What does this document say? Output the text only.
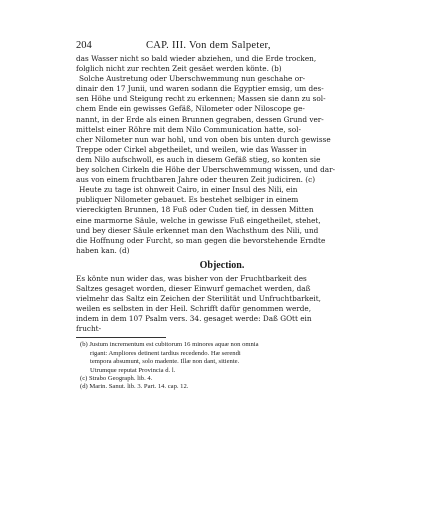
204	CAP. III. Von dem Salpeter,
das Wasser nicht so bald wieder abziehen, und die Erde trocken,
folglich nicht zur rechten Zeit gesäet werden könte. (b)
Solche Austretung oder Uberschwemmung nun geschahe or-
dinair den 17 Junii, und waren sodann die Egyptier emsig, um des-
sen Höhe und Steigung recht zu erkennen; Massen sie dann zu sol-
chem Ende ein gewisses Gefäß, Nilometer oder Niloscope ge-
nannt, in der Erde als einen Brunnen gegraben, dessen Grund ver-
mittelst einer Röhre mit dem Nilo Communication hatte, sol-
cher Nilometer nun war hohl, und von oben bis unten durch gewisse
Treppe oder Cirkel abgetheilet, und weilen, wie das Wasser in
dem Nilo aufschwoll, es auch in diesem Gefäß stieg, so konten sie
bey solchen Cirkeln die Höhe der Uberschwemmung wissen, und dar-
aus von einem fruchtbaren Jahre oder theuren Zeit judiciren. (c)
Heute zu tage ist ohnweit Cairo, in einer Insul des Nili, ein
publiquer Nilometer gebauet. Es bestehet selbiger in einem
viereckigten Brunnen, 18 Fuß oder Cuden tief, in dessen Mitten
eine marmorne Säule, welche in gewisse Fuß eingetheilet, stehet,
und bey dieser Säule erkennet man den Wachsthum des Nili, und
die Hoffnung oder Furcht, so man gegen die bevorstehende Erndte
haben kan. (d)
Objection.
Es könte nun wider das, was bisher von der Fruchtbarkeit des
Saltzes gesaget worden, dieser Einwurf gemachet werden, daß
vielmehr das Saltz ein Zeichen der Sterilität und Unfruchtbarkeit,
weilen es selbsten in der Heil. Schrifft dafür genommen werde,
indem in dem 107 Psalm vers. 34. gesaget werde: Daß GOtt ein
frucht-
(b) Justum incrementum est cubitorum 16 minores aquæ non omnia
rigant: Ampliores detinent tardius recedendo. Hæ serendi
tempora absumunt, solo madente. Illæ non dant, sitiente.
Utrumque reputat Provincia d. l.
(c) Strabo Geograph. lib. 4.
(d) Marin. Sanut. lib. 3. Part. 14. cap. 12.
